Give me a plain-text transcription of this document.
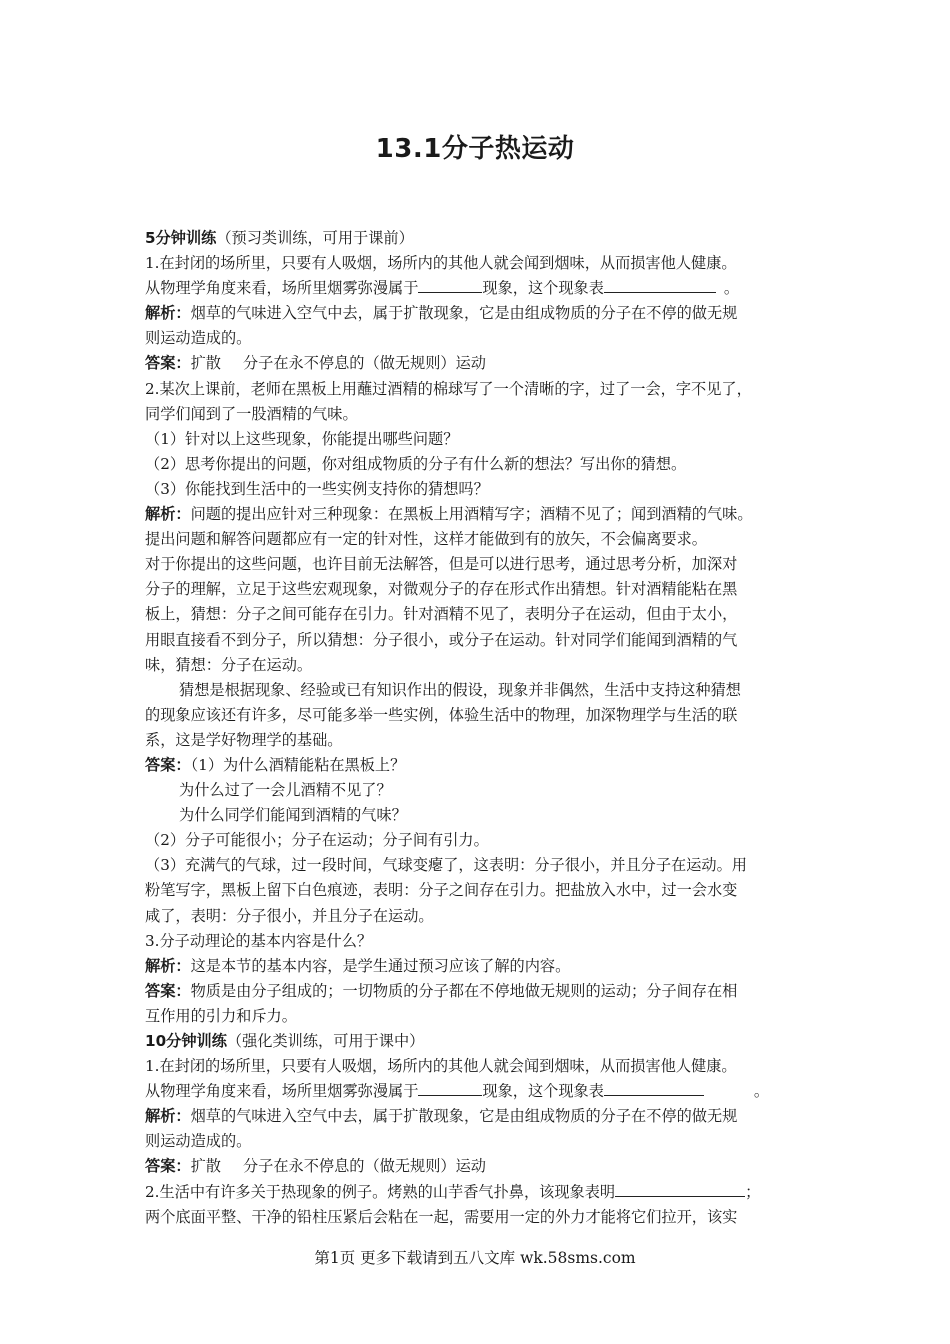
13.1分子热运动
5分钟训练（预习类训练，可用于课前）
1.在封闭的场所里，只要有人吸烟，场所内的其他人就会闻到烟味，从而损害他人健康。
从物理学角度来看，场所里烟雾弥漫属于	现象，这个现象表	。
解析：烟草的气味进入空气中去，属于扩散现象，它是由组成物质的分子在不停的做无规
则运动造成的。
答案：扩散 分子在永不停息的（做无规则）运动
2.某次上课前，老师在黑板上用蘸过酒精的棉球写了一个清晰的字，过了一会，字不见了，
同学们闻到了一股酒精的气味。
（1）针对以上这些现象，你能提出哪些问题？
（2）思考你提出的问题，你对组成物质的分子有什么新的想法？写出你的猜想。
（3）你能找到生活中的一些实例支持你的猜想吗？
解析：问题的提出应针对三种现象：在黑板上用酒精写字；酒精不见了；闻到酒精的气味。
提出问题和解答问题都应有一定的针对性，这样才能做到有的放矢，不会偏离要求。
对于你提出的这些问题，也许目前无法解答，但是可以进行思考，通过思考分析，加深对
分子的理解，立足于这些宏观现象，对微观分子的存在形式作出猜想。针对酒精能粘在黑
板上，猜想：分子之间可能存在引力。针对酒精不见了，表明分子在运动，但由于太小，
用眼直接看不到分子，所以猜想：分子很小，或分子在运动。针对同学们能闻到酒精的气
味，猜想：分子在运动。
猜想是根据现象、经验或已有知识作出的假设，现象并非偶然，生活中支持这种猜想
的现象应该还有许多，尽可能多举一些实例，体验生活中的物理，加深物理学与生活的联
系，这是学好物理学的基础。
答案：（1）为什么酒精能粘在黑板上？
为什么过了一会儿酒精不见了？
为什么同学们能闻到酒精的气味？
（2）分子可能很小；分子在运动；分子间有引力。
（3）充满气的气球，过一段时间，气球变瘪了，这表明：分子很小，并且分子在运动。用
粉笔写字，黑板上留下白色痕迹，表明：分子之间存在引力。把盐放入水中，过一会水变
咸了，表明：分子很小，并且分子在运动。
3.分子动理论的基本内容是什么？
解析：这是本节的基本内容，是学生通过预习应该了解的内容。
答案：物质是由分子组成的；一切物质的分子都在不停地做无规则的运动；分子间存在相
互作用的引力和斥力。
10分钟训练（强化类训练，可用于课中）
1.在封闭的场所里，只要有人吸烟，场所内的其他人就会闻到烟味，从而损害他人健康。
从物理学角度来看，场所里烟雾弥漫属于	现象，这个现象表	。
解析：烟草的气味进入空气中去，属于扩散现象，它是由组成物质的分子在不停的做无规
则运动造成的。
答案：扩散 分子在永不停息的（做无规则）运动
2.生活中有许多关于热现象的例子。烤熟的山芋香气扑鼻，该现象表明	；
两个底面平整、干净的铅柱压紧后会粘在一起，需要用一定的外力才能将它们拉开，该实
第1页 更多下载请到五八文库 wk.58sms.com
